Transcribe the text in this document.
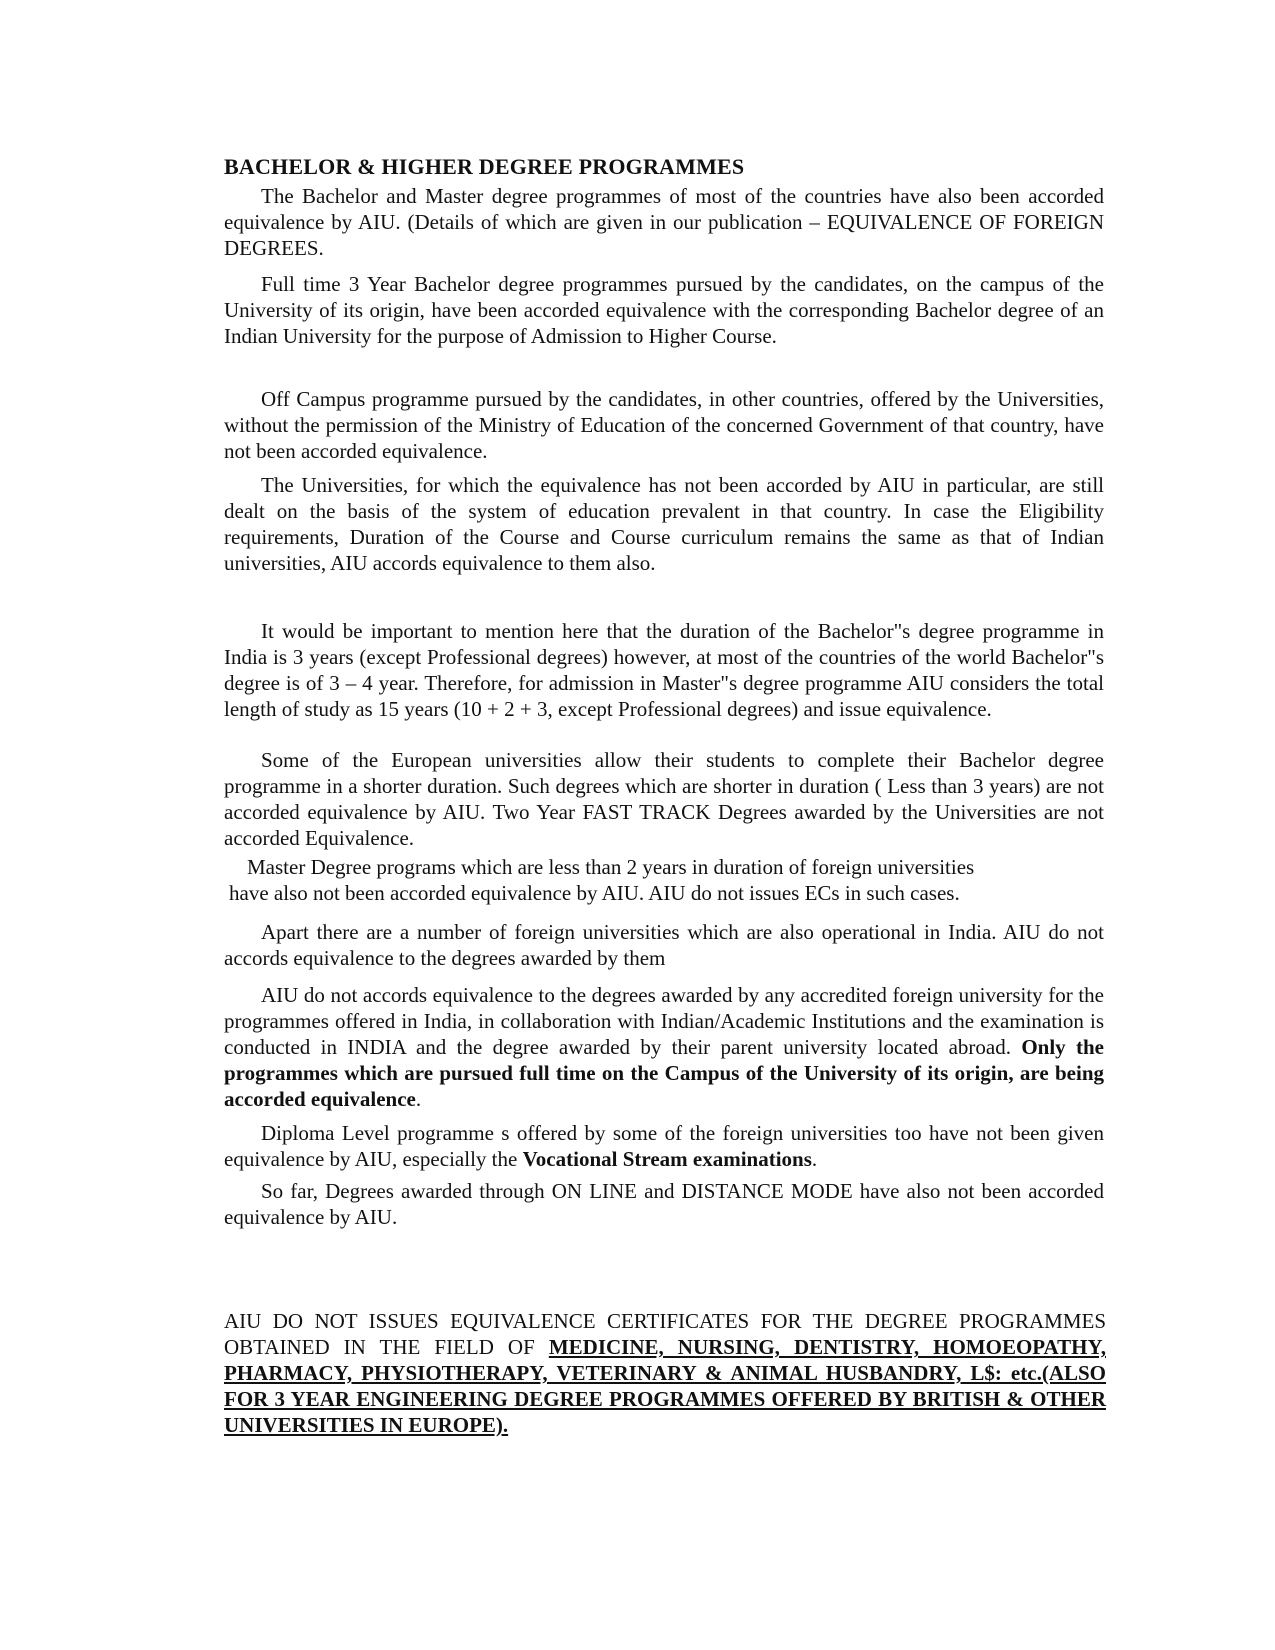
BACHELOR & HIGHER DEGREE PROGRAMMES

The Bachelor and Master degree programmes of most of the countries have also been accorded equivalence by AIU. (Details of which are given in our publication – EQUIVALENCE OF FOREIGN DEGREES.

Full time 3 Year Bachelor degree programmes pursued by the candidates, on the campus of the University of its origin, have been accorded equivalence with the corresponding Bachelor degree of an Indian University for the purpose of Admission to Higher Course.

Off Campus programme pursued by the candidates, in other countries, offered by the Universities, without the permission of the Ministry of Education of the concerned Government of that country, have not been accorded equivalence.

The Universities, for which the equivalence has not been accorded by AIU in particular, are still dealt on the basis of the system of education prevalent in that country. In case the Eligibility requirements, Duration of the Course and Course curriculum remains the same as that of Indian universities, AIU accords equivalence to them also.

It would be important to mention here that the duration of the Bachelor"s degree programme in India is 3 years (except Professional degrees) however, at most of the countries of the world Bachelor"s degree is of 3 – 4 year. Therefore, for admission in Master"s degree programme AIU considers the total length of study as 15 years (10 + 2 + 3, except Professional degrees) and issue equivalence.

Some of the European universities allow their students to complete their Bachelor degree programme in a shorter duration. Such degrees which are shorter in duration ( Less than 3 years) are not accorded equivalence by AIU. Two Year FAST TRACK Degrees awarded by the Universities are not accorded Equivalence.

Master Degree programs which are less than 2 years in duration of foreign universities

have also not been accorded equivalence by AIU. AIU do not issues ECs in such cases.

Apart there are a number of foreign universities which are also operational in India. AIU do not accords equivalence to the degrees awarded by them

AIU do not accords equivalence to the degrees awarded by any accredited foreign university for the programmes offered in India, in collaboration with Indian/Academic Institutions and the examination is conducted in INDIA and the degree awarded by their parent university located abroad. Only the programmes which are pursued full time on the Campus of the University of its origin, are being accorded equivalence.

Diploma Level programme s offered by some of the foreign universities too have not been given equivalence by AIU, especially the Vocational Stream examinations.

So far, Degrees awarded through ON LINE and DISTANCE MODE have also not been accorded equivalence by AIU.

AIU DO NOT ISSUES EQUIVALENCE CERTIFICATES FOR THE DEGREE PROGRAMMES OBTAINED IN THE FIELD OF MEDICINE, NURSING, DENTISTRY, HOMOEOPATHY, PHARMACY, PHYSIOTHERAPY, VETERINARY & ANIMAL HUSBANDRY, L$: etc.(ALSO FOR 3 YEAR ENGINEERING DEGREE PROGRAMMES OFFERED BY BRITISH & OTHER UNIVERSITIES IN EUROPE).
